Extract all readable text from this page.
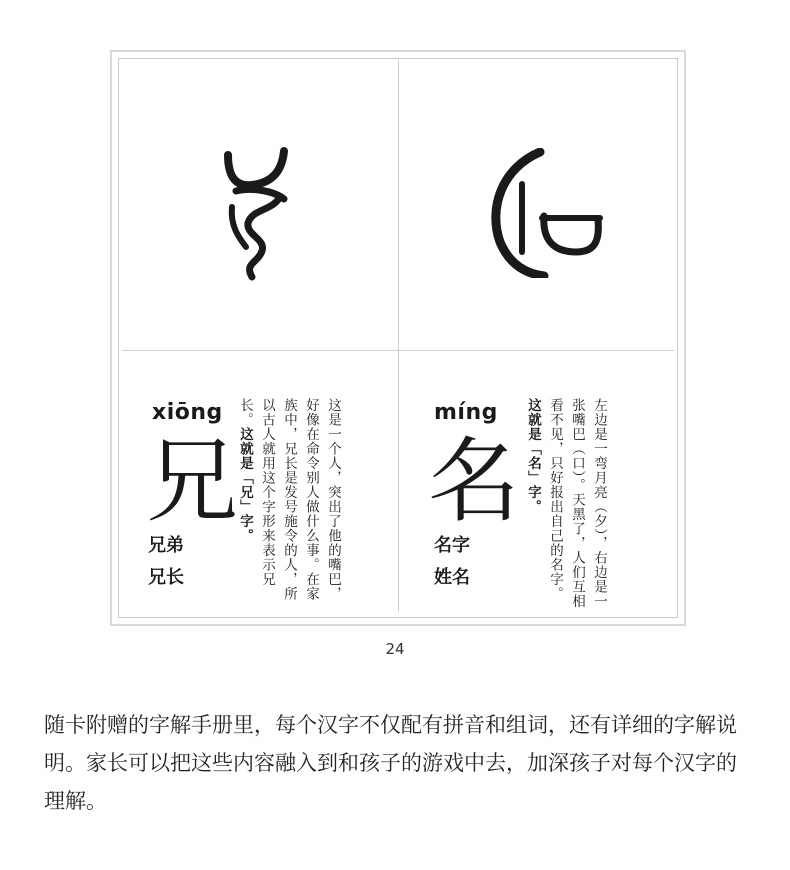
xiōng
兄
兄弟
兄长	这是一个人，突出了他的嘴巴，好像在命令别人做什么事。在家族中，兄长是发号施令的人，所以古人就用这个字形来表示兄长。这就是「兄」字。
míng
名
名字
姓名	左边是一弯月亮（夕），右边是一张嘴巴（口）。天黑了，人们互相看不见，只好报出自己的名字。这就是「名」字。
24
随卡附赠的字解手册里，每个汉字不仅配有拼音和组词，还有详细的字解说明。家长可以把这些内容融入到和孩子的游戏中去，加深孩子对每个汉字的理解。
